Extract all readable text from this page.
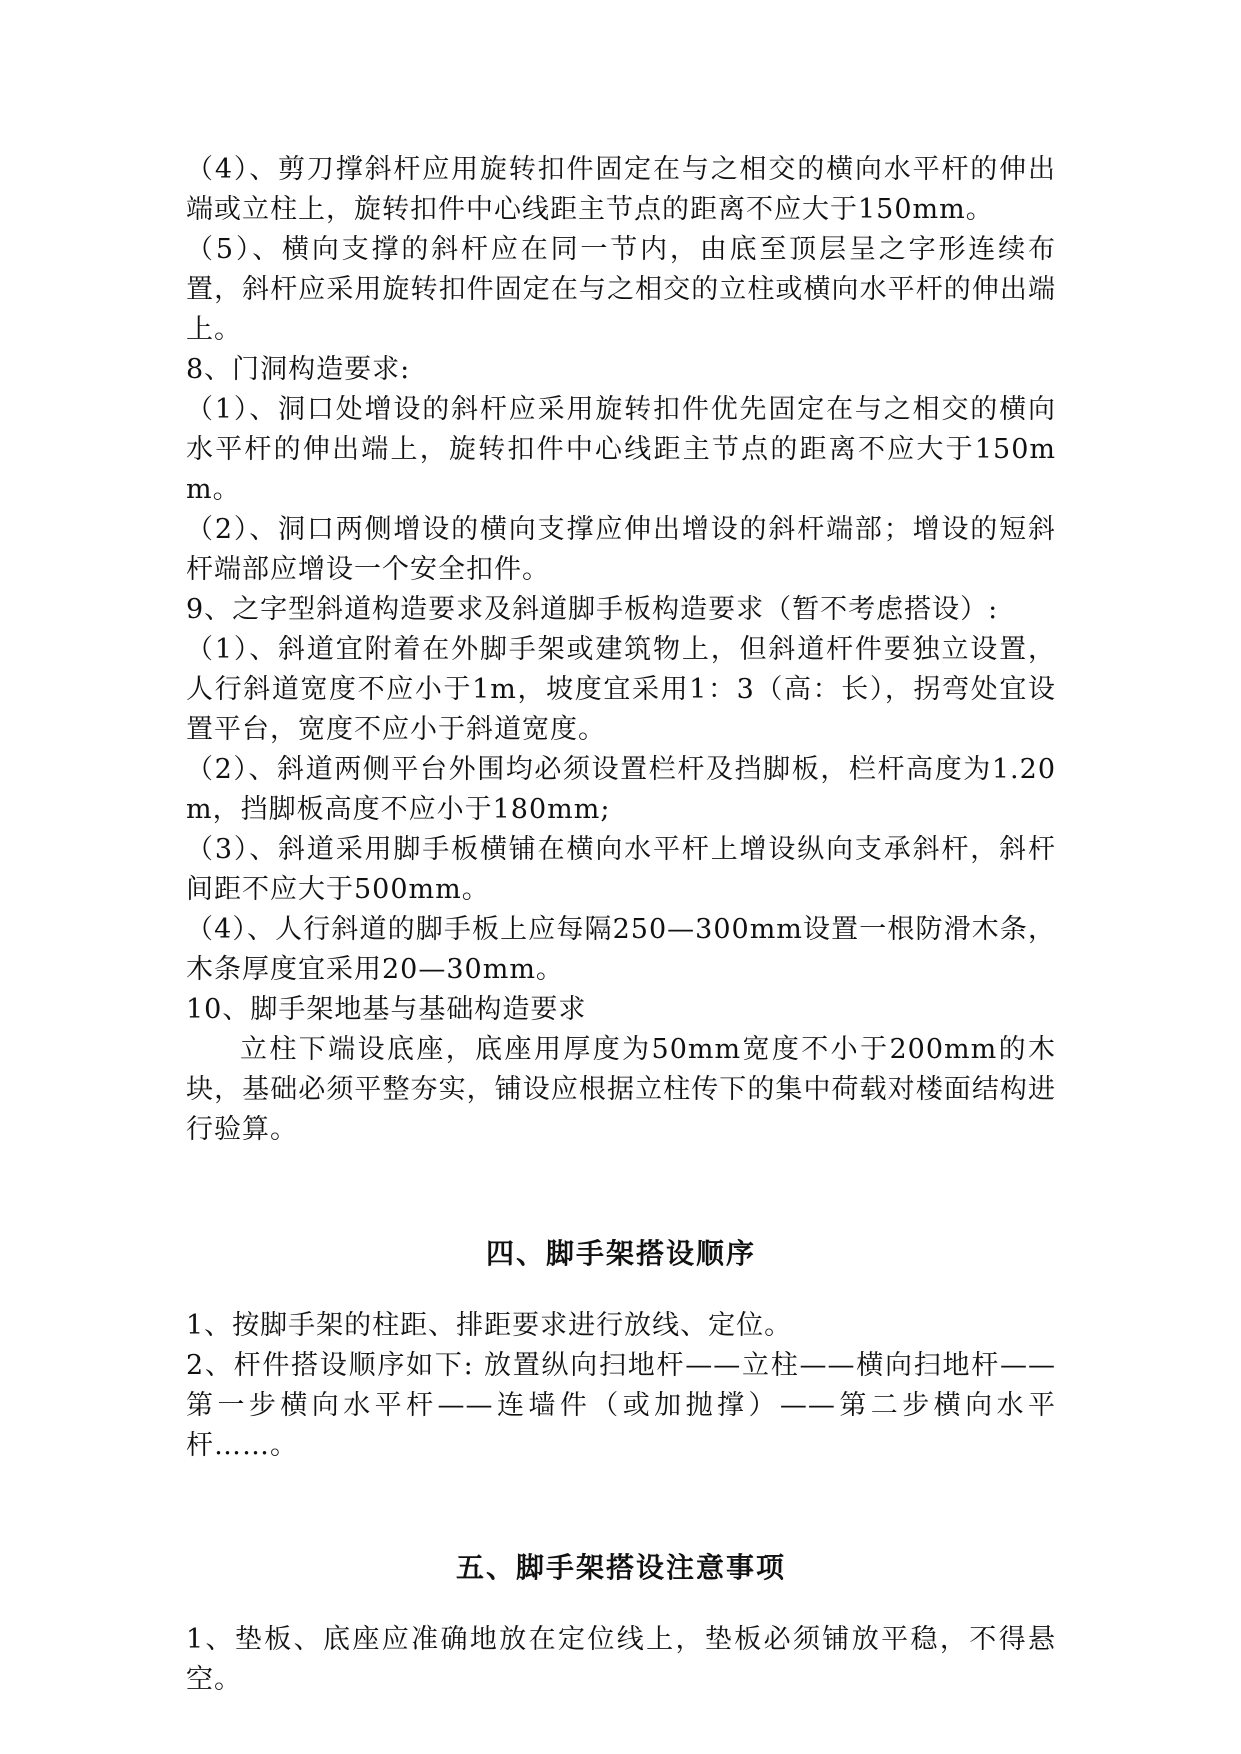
（4）、剪刀撑斜杆应用旋转扣件固定在与之相交的横向水平杆的伸出端或立柱上，旋转扣件中心线距主节点的距离不应大于150mm。

（5）、横向支撑的斜杆应在同一节内，由底至顶层呈之字形连续布置，斜杆应采用旋转扣件固定在与之相交的立柱或横向水平杆的伸出端上。

8、门洞构造要求:

（1）、洞口处增设的斜杆应采用旋转扣件优先固定在与之相交的横向水平杆的伸出端上，旋转扣件中心线距主节点的距离不应大于150mm。

（2）、洞口两侧增设的横向支撑应伸出增设的斜杆端部；增设的短斜杆端部应增设一个安全扣件。

9、之字型斜道构造要求及斜道脚手板构造要求（暂不考虑搭设）:

（1）、斜道宜附着在外脚手架或建筑物上，但斜道杆件要独立设置，人行斜道宽度不应小于1m，坡度宜采用1：3（高：长），拐弯处宜设置平台，宽度不应小于斜道宽度。

（2）、斜道两侧平台外围均必须设置栏杆及挡脚板，栏杆高度为1.20m，挡脚板高度不应小于180mm;

（3）、斜道采用脚手板横铺在横向水平杆上增设纵向支承斜杆，斜杆间距不应大于500mm。

（4）、人行斜道的脚手板上应每隔250—300mm设置一根防滑木条，木条厚度宜采用20—30mm。

10、脚手架地基与基础构造要求

立柱下端设底座，底座用厚度为50mm宽度不小于200mm的木块，基础必须平整夯实，铺设应根据立柱传下的集中荷载对楼面结构进行验算。

四、脚手架搭设顺序

1、按脚手架的柱距、排距要求进行放线、定位。

2、杆件搭设顺序如下: 放置纵向扫地杆——立柱——横向扫地杆——第一步横向水平杆——连墙件（或加抛撑）——第二步横向水平杆……。

五、脚手架搭设注意事项

1、垫板、底座应准确地放在定位线上，垫板必须铺放平稳，不得悬空。
